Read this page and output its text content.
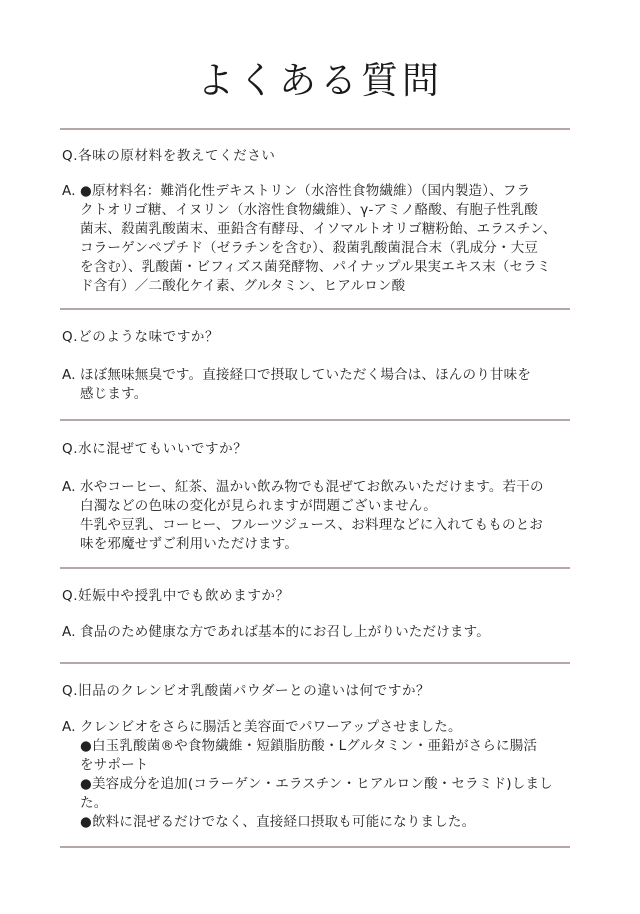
よくある質問

Q.各味の原材料を教えてください

A. ●原材料名：難消化性デキストリン（水溶性食物繊維）（国内製造）、フラ
クトオリゴ糖、イヌリン（水溶性食物繊維）、γ-アミノ酪酸、有胞子性乳酸
菌末、殺菌乳酸菌末、亜鉛含有酵母、イソマルトオリゴ糖粉飴、エラスチン、
コラーゲンペプチド（ゼラチンを含む）、殺菌乳酸菌混合末（乳成分・大豆
を含む）、乳酸菌・ビフィズス菌発酵物、パイナップル果実エキス末（セラミ
ド含有）／二酸化ケイ素、グルタミン、ヒアルロン酸

Q.どのような味ですか？

A. ほぼ無味無臭です。直接経口で摂取していただく場合は、ほんのり甘味を
感じます。

Q.水に混ぜてもいいですか？

A. 水やコーヒー、紅茶、温かい飲み物でも混ぜてお飲みいただけます。若干の
白濁などの色味の変化が見られますが問題ございません。
牛乳や豆乳、コーヒー、フルーツジュース、お料理などに入れてもものとお
味を邪魔せずご利用いただけます。

Q.妊娠中や授乳中でも飲めますか？

A. 食品のため健康な方であれば基本的にお召し上がりいただけます。

Q.旧品のクレンビオ乳酸菌パウダーとの違いは何ですか？

A. クレンビオをさらに腸活と美容面でパワーアップさせました。
●白玉乳酸菌®や食物繊維・短鎖脂肪酸・Lグルタミン・亜鉛がさらに腸活
をサポート
●美容成分を追加(コラーゲン・エラスチン・ヒアルロン酸・セラミド)しまし
た。
●飲料に混ぜるだけでなく、直接経口摂取も可能になりました。
